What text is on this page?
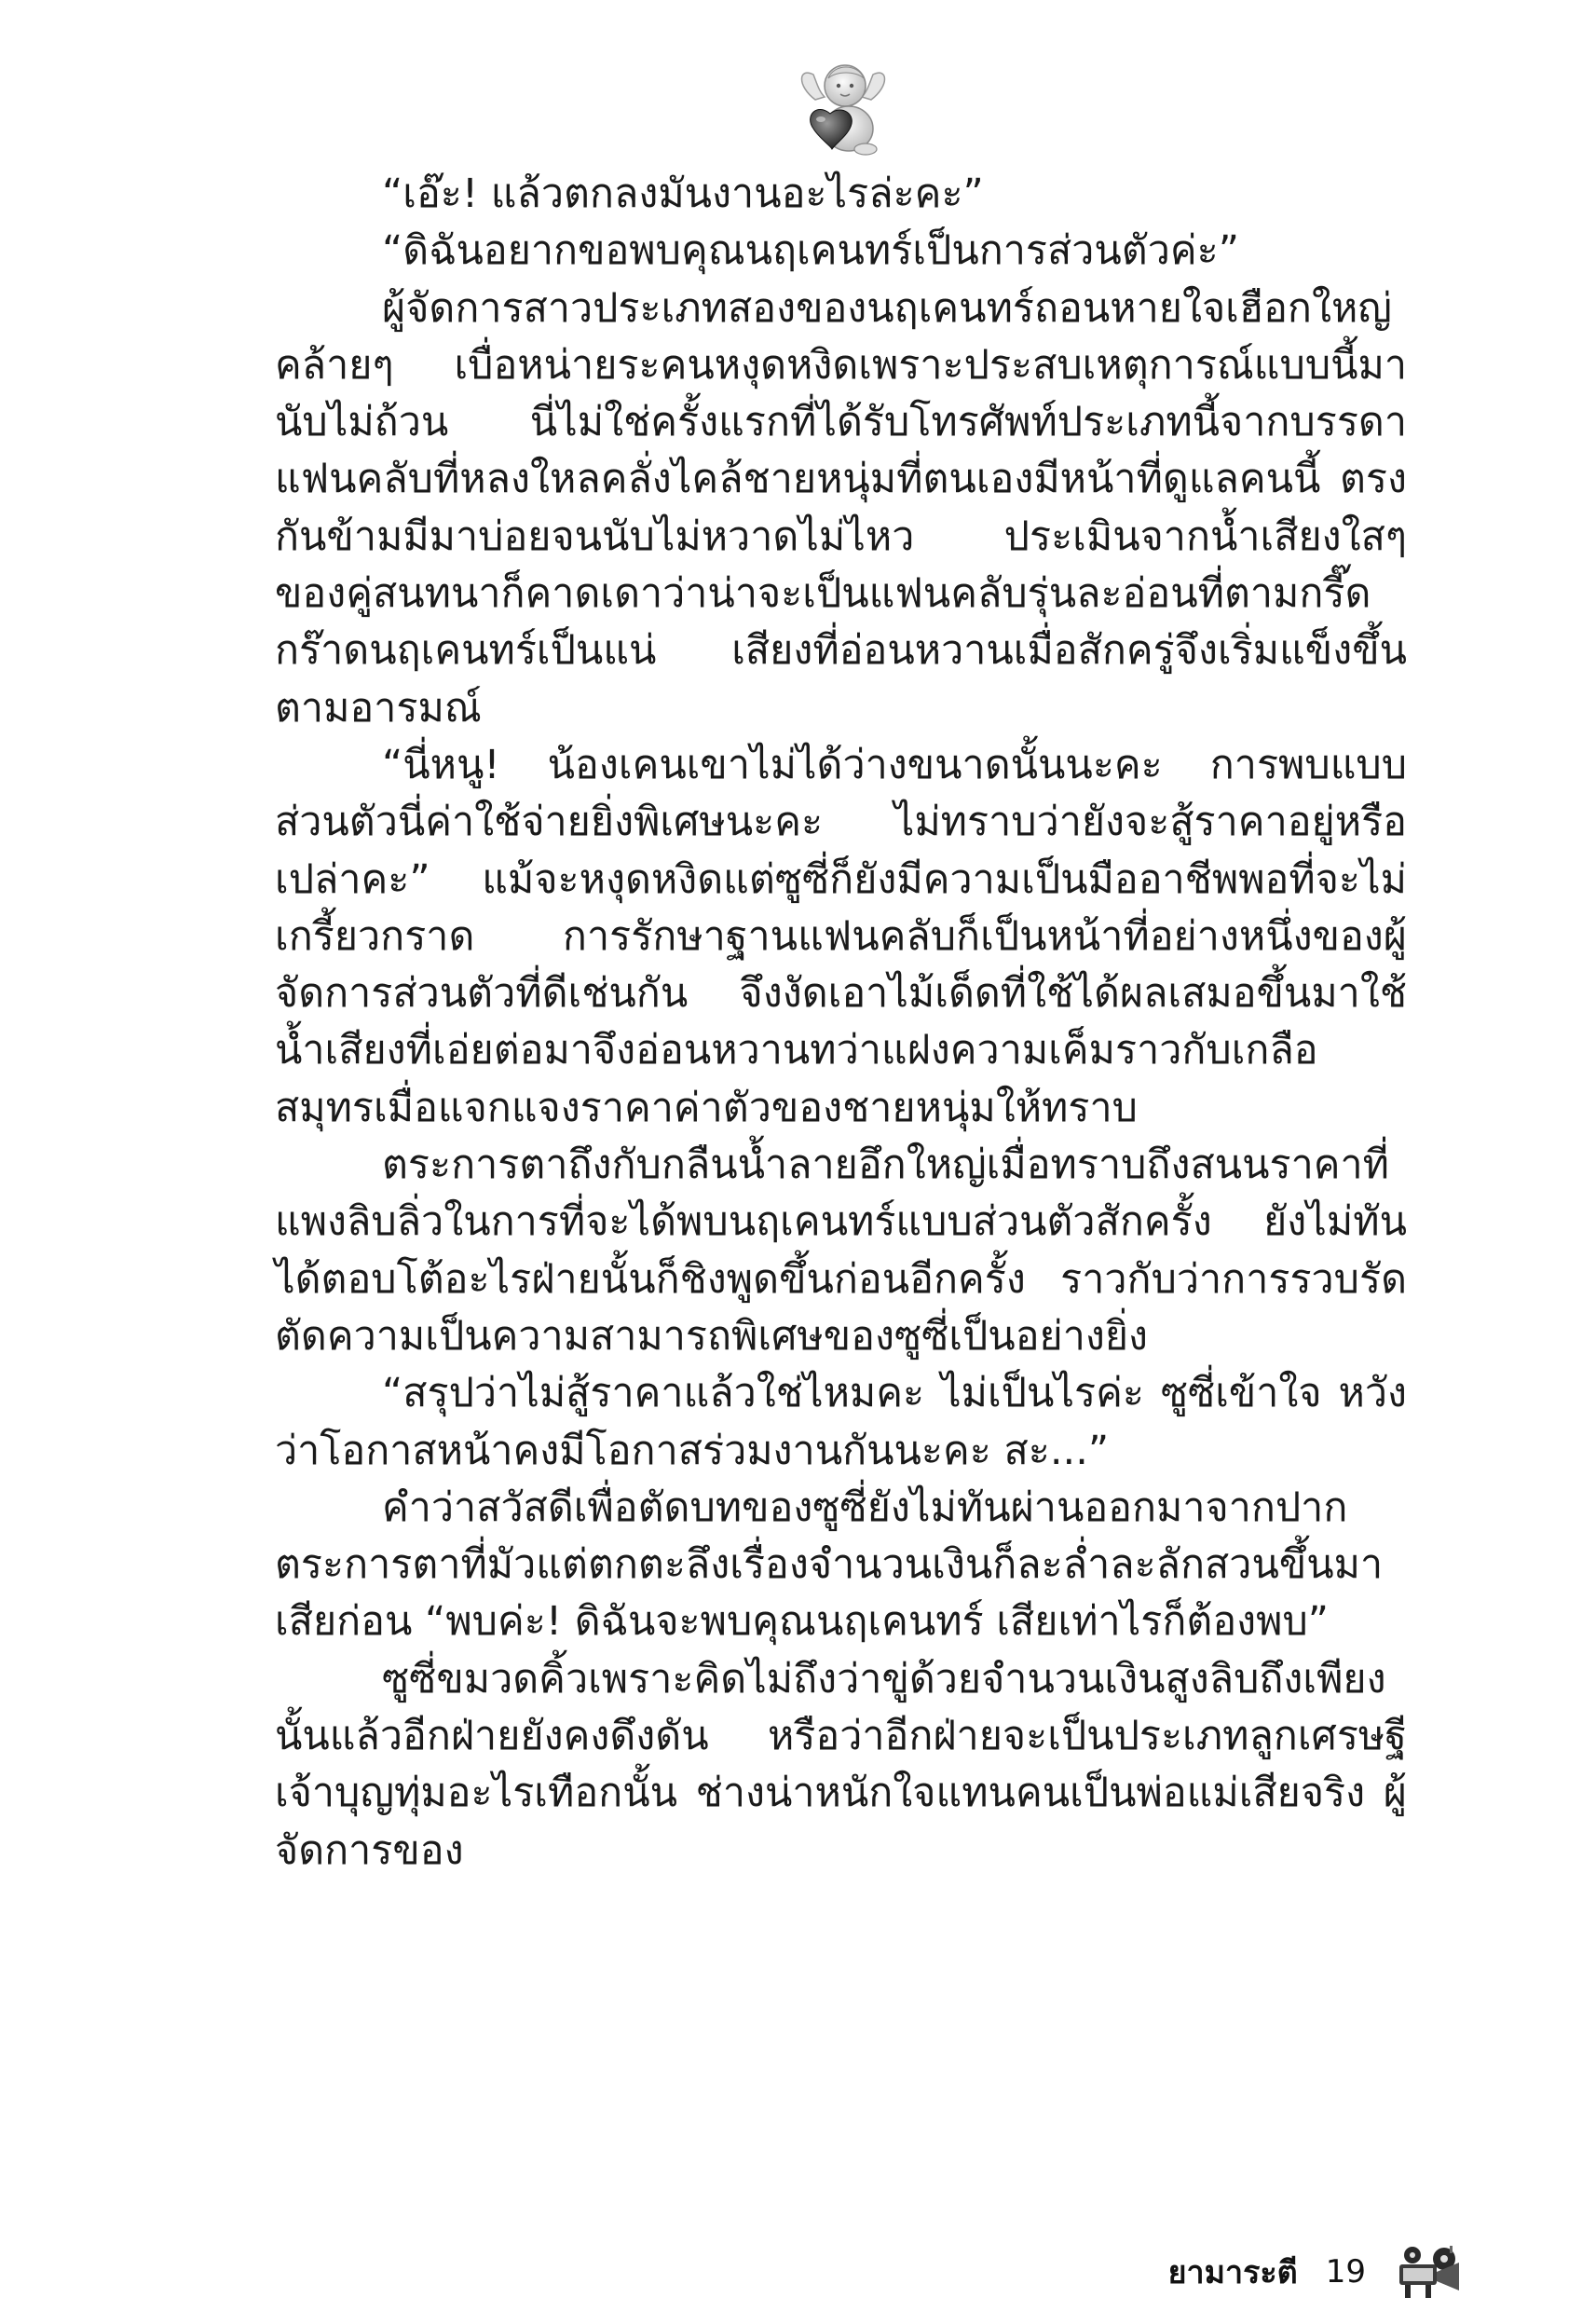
“เอ๊ะ! แล้วตกลงมันงานอะไรล่ะคะ”

“ดิฉันอยากขอพบคุณนฤเคนทร์เป็นการส่วนตัวค่ะ”

ผู้จัดการสาวประเภทสองของนฤเคนทร์ถอนหายใจเฮือกใหญ่คล้ายๆ เบื่อหน่ายระคนหงุดหงิดเพราะประสบเหตุการณ์แบบนี้มานับไม่ถ้วน นี่ไม่ใช่ครั้งแรกที่ได้รับโทรศัพท์ประเภทนี้จากบรรดาแฟนคลับที่หลงใหลคลั่งไคล้ชายหนุ่มที่ตนเองมีหน้าที่ดูแลคนนี้ ตรงกันข้ามมีมาบ่อยจนนับไม่หวาดไม่ไหว ประเมินจากน้ำเสียงใสๆ ของคู่สนทนาก็คาดเดาว่าน่าจะเป็นแฟนคลับรุ่นละอ่อนที่ตามกรี๊ดกร๊าดนฤเคนทร์เป็นแน่ เสียงที่อ่อนหวานเมื่อสักครู่จึงเริ่มแข็งขึ้นตามอารมณ์

“นี่หนู! น้องเคนเขาไม่ได้ว่างขนาดนั้นนะคะ การพบแบบส่วนตัวนี่ค่าใช้จ่ายยิ่งพิเศษนะคะ ไม่ทราบว่ายังจะสู้ราคาอยู่หรือเปล่าคะ” แม้จะหงุดหงิดแต่ซูซี่ก็ยังมีความเป็นมืออาชีพพอที่จะไม่เกรี้ยวกราด การรักษาฐานแฟนคลับก็เป็นหน้าที่อย่างหนึ่งของผู้จัดการส่วนตัวที่ดีเช่นกัน จึงงัดเอาไม้เด็ดที่ใช้ได้ผลเสมอขึ้นมาใช้ น้ำเสียงที่เอ่ยต่อมาจึงอ่อนหวานทว่าแฝงความเค็มราวกับเกลือสมุทรเมื่อแจกแจงราคาค่าตัวของชายหนุ่มให้ทราบ

ตระการตาถึงกับกลืนน้ำลายอึกใหญ่เมื่อทราบถึงสนนราคาที่แพงลิบลิ่วในการที่จะได้พบนฤเคนทร์แบบส่วนตัวสักครั้ง ยังไม่ทันได้ตอบโต้อะไรฝ่ายนั้นก็ชิงพูดขึ้นก่อนอีกครั้ง ราวกับว่าการรวบรัดตัดความเป็นความสามารถพิเศษของซูซี่เป็นอย่างยิ่ง

“สรุปว่าไม่สู้ราคาแล้วใช่ไหมคะ ไม่เป็นไรค่ะ ซูซี่เข้าใจ หวังว่าโอกาสหน้าคงมีโอกาสร่วมงานกันนะคะ สะ...”

คำว่าสวัสดีเพื่อตัดบทของซูซี่ยังไม่ทันผ่านออกมาจากปากตระการตาที่มัวแต่ตกตะลึงเรื่องจำนวนเงินก็ละล่ำละลักสวนขึ้นมาเสียก่อน “พบค่ะ! ดิฉันจะพบคุณนฤเคนทร์ เสียเท่าไรก็ต้องพบ”

ซูซี่ขมวดคิ้วเพราะคิดไม่ถึงว่าขู่ด้วยจำนวนเงินสูงลิบถึงเพียงนั้นแล้วอีกฝ่ายยังคงดึงดัน หรือว่าอีกฝ่ายจะเป็นประเภทลูกเศรษฐีเจ้าบุญทุ่มอะไรเทือกนั้น ช่างน่าหนักใจแทนคนเป็นพ่อแม่เสียจริง ผู้จัดการของ

ยามาระตี 19
